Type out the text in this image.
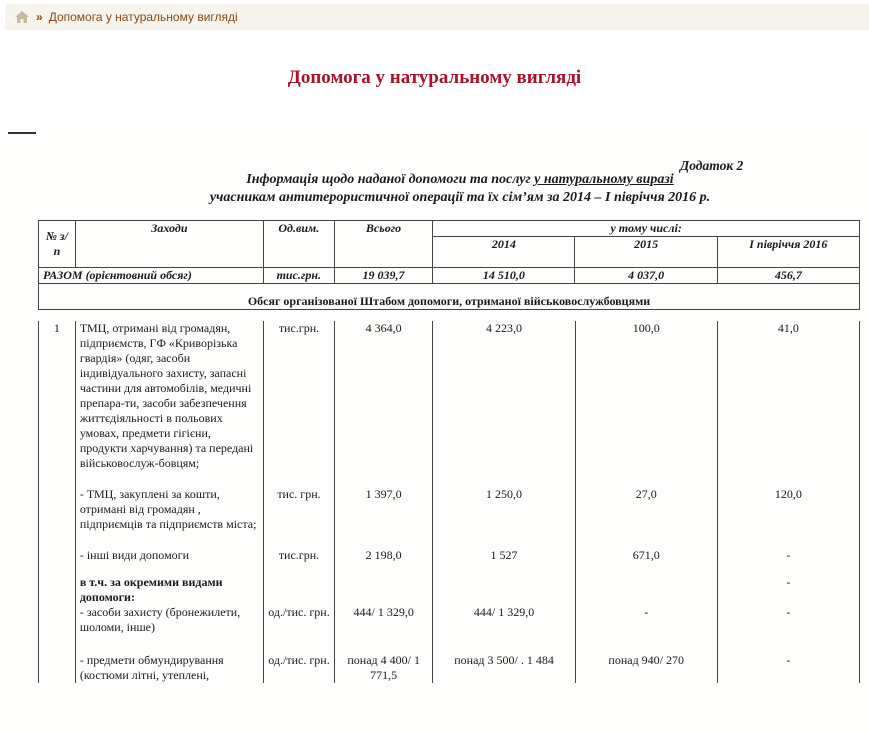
» Допомога у натуральному вигляді
Допомога у натуральному вигляді
Додаток 2
Інформація щодо наданої допомоги та послуг у натуральному виразі
учасникам антитерористичної операції та їх сім’ям за 2014 – І півріччя 2016 р.
№ з/п	Заходи	Од.вим.	Всього	у тому числі:		
				2014	2015	І півріччя 2016
РАЗОМ (орієнтовний обсяг)		тис.грн.	19 039,7	14 510,0	4 037,0	456,7
Обсяг організованої Штабом допомоги, отриманої військовослужбовцями						
1	ТМЦ, отримані від громадян, підприємств, ГФ «Криворізька гвардія» (одяг, засоби індивідуального захисту, запасні частини для автомобілів, медичні препара-ти, засоби забезпечення життєдіяльності в польових умовах, предмети гігієни, продукти харчування) та передані військовослуж-бовцям;	тис.грн.	4 364,0	4 223,0	100,0	41,0
	- ТМЦ, закуплені за кошти, отримані від громадян , підприємців та підприємств міста;	тис. грн.	1 397,0	1 250,0	27,0	120,0
	- інші види допомоги	тис.грн.	2 198,0	1 527	671,0	-
	в т.ч. за окремими видами допомоги:					-
	- засоби захисту (бронежилети, шоломи, інше)	од./тис. грн.	444/ 1 329,0	444/ 1 329,0	-	-
	- предмети обмундирування (костюми літні, утеплені,	од./тис. грн.	понад 4 400/ 1 771,5	понад 3 500/ . 1 484	понад 940/ 270	-
